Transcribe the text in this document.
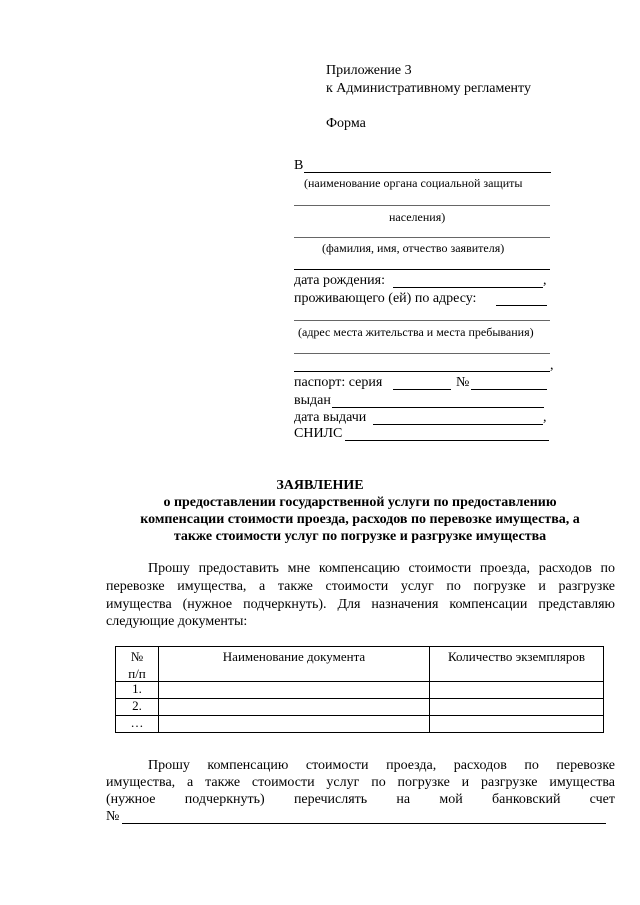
Приложение 3
к Административному регламенту
Форма
В
(наименование органа социальной защиты
населения)
(фамилия, имя, отчество заявителя)
дата рождения:	,
проживающего (ей) по адресу:
(адрес места жительства и места пребывания)
,
паспорт: серия	№
выдан
дата выдачи	,
СНИЛС
ЗАЯВЛЕНИЕ
о предоставлении государственной услуги по предоставлению
компенсации стоимости проезда, расходов по перевозке имущества, а
также стоимости услуг по погрузке и разгрузке имущества
Прошу предоставить мне компенсацию стоимости проезда, расходов по
перевозке имущества, а также стоимости услуг по погрузке и разгрузке
имущества (нужное подчеркнуть). Для назначения компенсации представляю
следующие документы:
№
п/п	Наименование документа	Количество экземпляров

1.		
2.		
…		
Прошу компенсацию стоимости проезда, расходов по перевозке
имущества, а также стоимости услуг по погрузке и разгрузке имущества
(нужное подчеркнуть) перечислять на мой банковский счет
№
